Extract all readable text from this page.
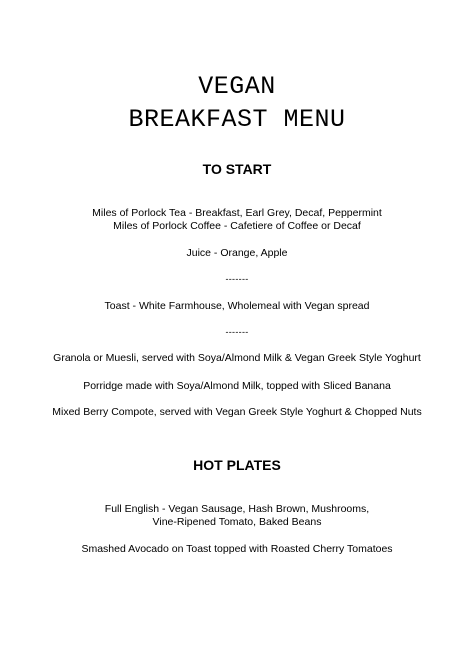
VEGAN
BREAKFAST MENU
TO START
Miles of Porlock Tea - Breakfast, Earl Grey, Decaf, Peppermint
Miles of Porlock Coffee - Cafetiere of Coffee or Decaf
Juice - Orange, Apple
-------
Toast - White Farmhouse, Wholemeal with Vegan spread
-------
Granola or Muesli, served with Soya/Almond Milk & Vegan Greek Style Yoghurt
Porridge made with Soya/Almond Milk, topped with Sliced Banana
Mixed Berry Compote, served with Vegan Greek Style Yoghurt & Chopped Nuts
HOT PLATES
Full English - Vegan Sausage, Hash Brown, Mushrooms,
Vine-Ripened Tomato, Baked Beans
Smashed Avocado on Toast topped with Roasted Cherry Tomatoes
